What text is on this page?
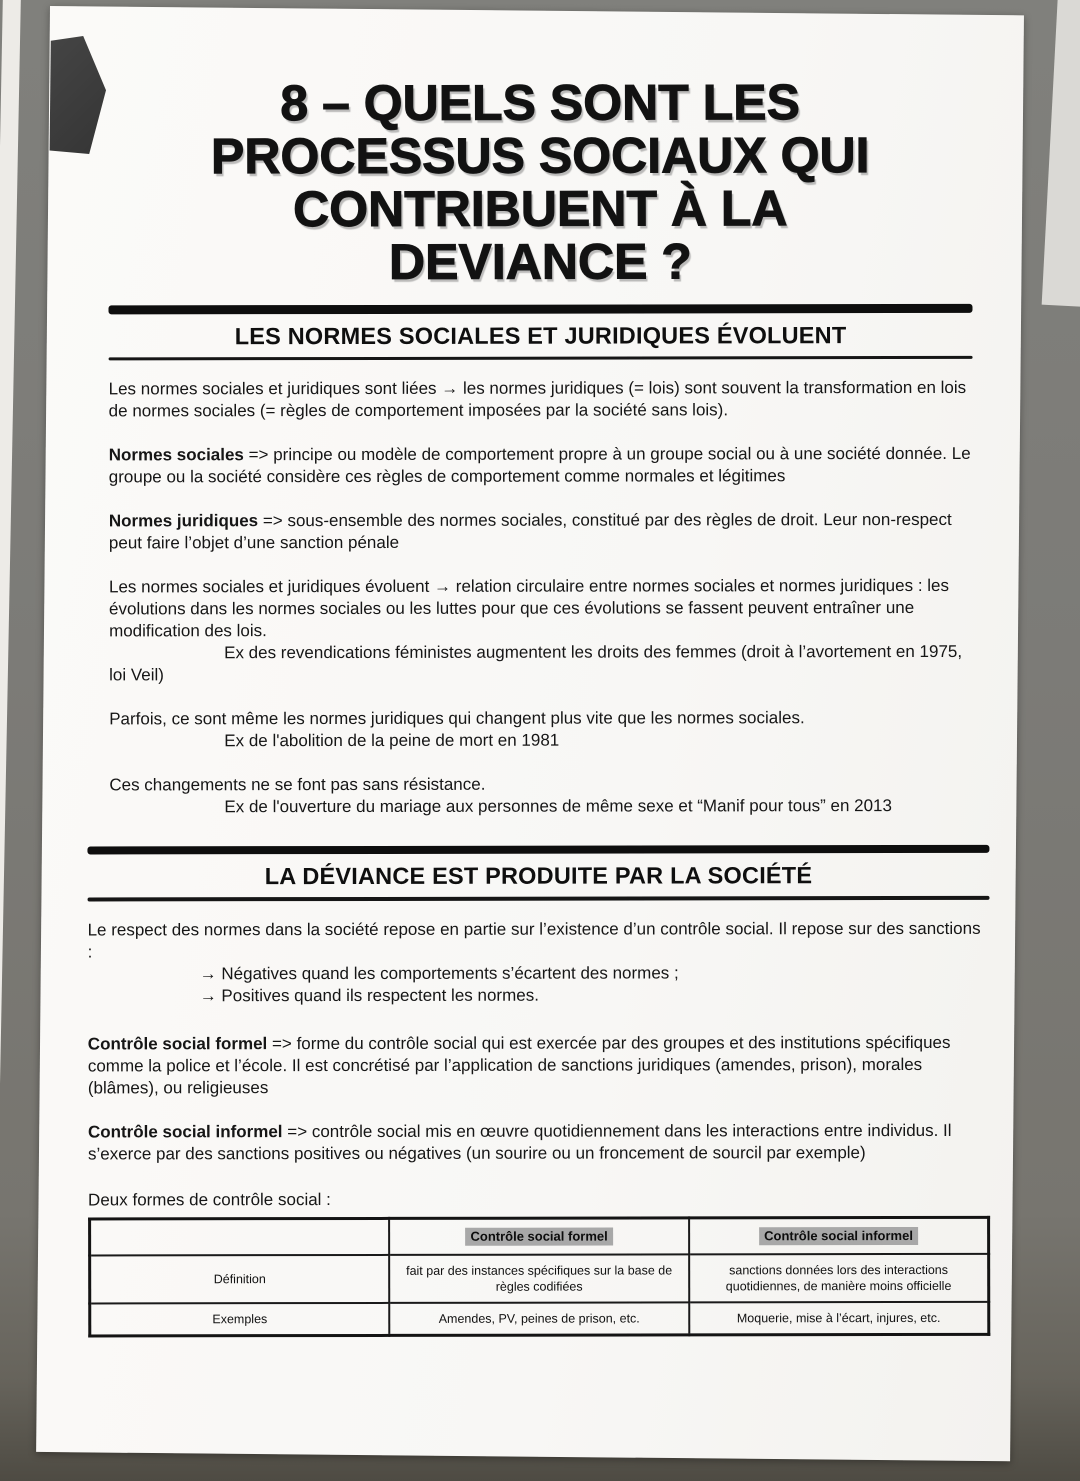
8 – QUELS SONT LES
PROCESSUS SOCIAUX QUI
CONTRIBUENT À LA
DEVIANCE ?
LES NORMES SOCIALES ET JURIDIQUES ÉVOLUENT

Les normes sociales et juridiques sont liées → les normes juridiques (= lois) sont souvent la transformation en lois de normes sociales (= règles de comportement imposées par la société sans lois).

Normes sociales => principe ou modèle de comportement propre à un groupe social ou à une société donnée. Le groupe ou la société considère ces règles de comportement comme normales et légitimes

Normes juridiques => sous-ensemble des normes sociales, constitué par des règles de droit. Leur non-respect peut faire l’objet d’une sanction pénale

Les normes sociales et juridiques évoluent → relation circulaire entre normes sociales et normes juridiques : les évolutions dans les normes sociales ou les luttes pour que ces évolutions se fassent peuvent entraîner une modification des lois.

Ex des revendications féministes augmentent les droits des femmes (droit à l’avortement en 1975, loi Veil)

Parfois, ce sont même les normes juridiques qui changent plus vite que les normes sociales.

Ex de l'abolition de la peine de mort en 1981

Ces changements ne se font pas sans résistance.

Ex de l'ouverture du mariage aux personnes de même sexe et “Manif pour tous” en 2013

LA DÉVIANCE EST PRODUITE PAR LA SOCIÉTÉ

Le respect des normes dans la société repose en partie sur l’existence d’un contrôle social. Il repose sur des sanctions :

→ Négatives quand les comportements s’écartent des normes ;

→ Positives quand ils respectent les normes.

Contrôle social formel => forme du contrôle social qui est exercée par des groupes et des institutions spécifiques comme la police et l’école. Il est concrétisé par l’application de sanctions juridiques (amendes, prison), morales (blâmes), ou religieuses

Contrôle social informel => contrôle social mis en œuvre quotidiennement dans les interactions entre individus. Il s’exerce par des sanctions positives ou négatives (un sourire ou un froncement de sourcil par exemple)

Deux formes de contrôle social :

	Contrôle social formel	Contrôle social informel
Définition	fait par des instances spécifiques sur la base de règles codifiées	sanctions données lors des interactions quotidiennes, de manière moins officielle
Exemples	Amendes, PV, peines de prison, etc.	Moquerie, mise à l’écart, injures, etc.
